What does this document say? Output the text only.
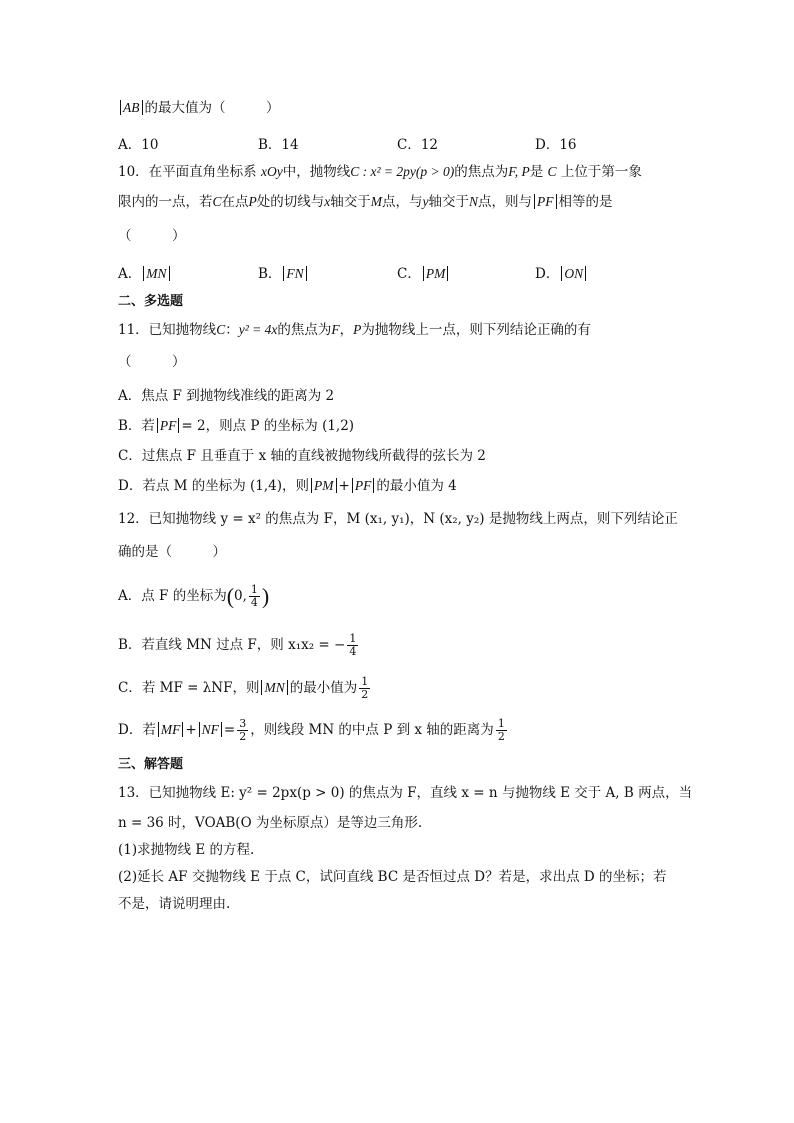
AB 的最大值为（　　　）
A．10	B．14	C．12	D．16
10．在平面直角坐标系 xOy中，抛物线C : x² = 2py(p > 0)的焦点为F, P是 C 上位于第一象
限内的一点，若C在点P处的切线与x轴交于M点，与y轴交于N点，则与 PF 相等的是
（　　　）
A． MN	B． FN	C． PM	D． ON
二、多选题
11．已知抛物线C：y² = 4x的焦点为F，P为抛物线上一点，则下列结论正确的有
（　　　）
A．焦点 F 到抛物线准线的距离为 2
B．若 PF = 2，则点 P 的坐标为 (1,2)
C．过焦点 F 且垂直于 x 轴的直线被抛物线所截得的弦长为 2
D．若点 M 的坐标为 (1,4)，则 PM + PF 的最小值为 4
12．已知抛物线 y = x² 的焦点为 F，M (x₁, y₁)，N (x₂, y₂) 是抛物线上两点，则下列结论正
确的是（　　　）
A．点 F 的坐标为(0, $\frac{1}{4}$ )
B．若直线 MN 过点 F，则 x₁x₂ = − $\frac{1}{4}$
C．若 MF = λNF，则 MN 的最小值为 $\frac{1}{2}$
D．若 MF + NF = $\frac{3}{2}$ ，则线段 MN 的中点 P 到 x 轴的距离为 $\frac{1}{2}$
三、解答题
13．已知抛物线 E: y² = 2px(p > 0) 的焦点为 F，直线 x = n 与抛物线 E 交于 A, B 两点，当
n = 36 时，VOAB(O 为坐标原点）是等边三角形.
(1)求抛物线 E 的方程.
(2)延长 AF 交抛物线 E 于点 C，试问直线 BC 是否恒过点 D？若是，求出点 D 的坐标；若
不是，请说明理由.
